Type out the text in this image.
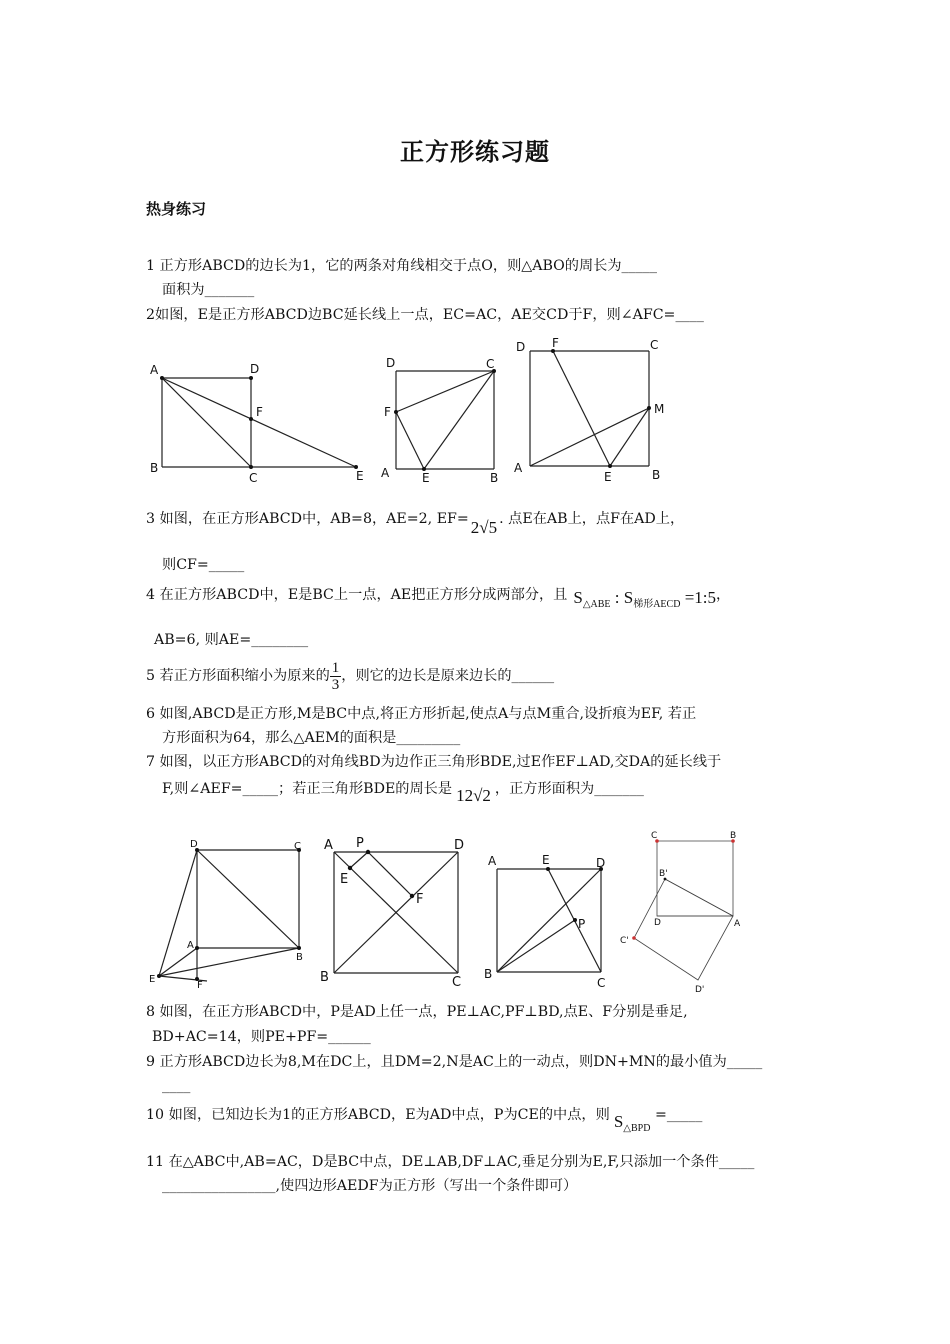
正方形练习题
热身练习
1 正方形ABCD的边长为1，它的两条对角线相交于点O，则△ABO的周长为_____
面积为_______
2如图，E是正方形ABCD边BC延长线上一点，EC=AC，AE交CD于F，则∠AFC=____
A	D
F
B
C	E
D	C
F
A	E	B
D F	C
M
A
E	B
3 如图，在正方形ABCD中，AB=8，AE=2, EF= 2√5 . 点E在AB上，点F在AD上，
则CF=_____
4 在正方形ABCD中，E是BC上一点，AE把正方形分成两部分，且 $S_{\triangle ABE}$ : $S_{梯形AECD}$ =1:5，
AB=6, 则AE=________
5 若正方形面积缩小为原来的 $\frac{1}{3}$ ，则它的边长是原来边长的______
6 如图,ABCD是正方形,M是BC中点,将正方形折起,使点A与点M重合,设折痕为EF, 若正
方形面积为64，那么△AEM的面积是_________
7 如图，以正方形ABCD的对角线BD为边作正三角形BDE,过E作EF⊥AD,交DA的延长线于
F,则∠AEF=_____；若正三角形BDE的周长是 12√2 ，正方形面积为_______
D	C
A
B
E
F
A P	D
E
F
B	C
A	E	D
P
B
C
C	B
B'
D	A
C'
D'
8 如图，在正方形ABCD中，P是AD上任一点，PE⊥AC,PF⊥BD,点E、F分别是垂足,
BD+AC=14，则PE+PF=______
9 正方形ABCD边长为8,M在DC上，且DM=2,N是AC上的一动点，则DN+MN的最小值为_____
____
10 如图，已知边长为1的正方形ABCD，E为AD中点，P为CE的中点，则 $S_{\triangle BPD}$ =_____
11 在△ABC中,AB=AC，D是BC中点，DE⊥AB,DF⊥AC,垂足分别为E,F,只添加一个条件_____
________________,使四边形AEDF为正方形（写出一个条件即可）
